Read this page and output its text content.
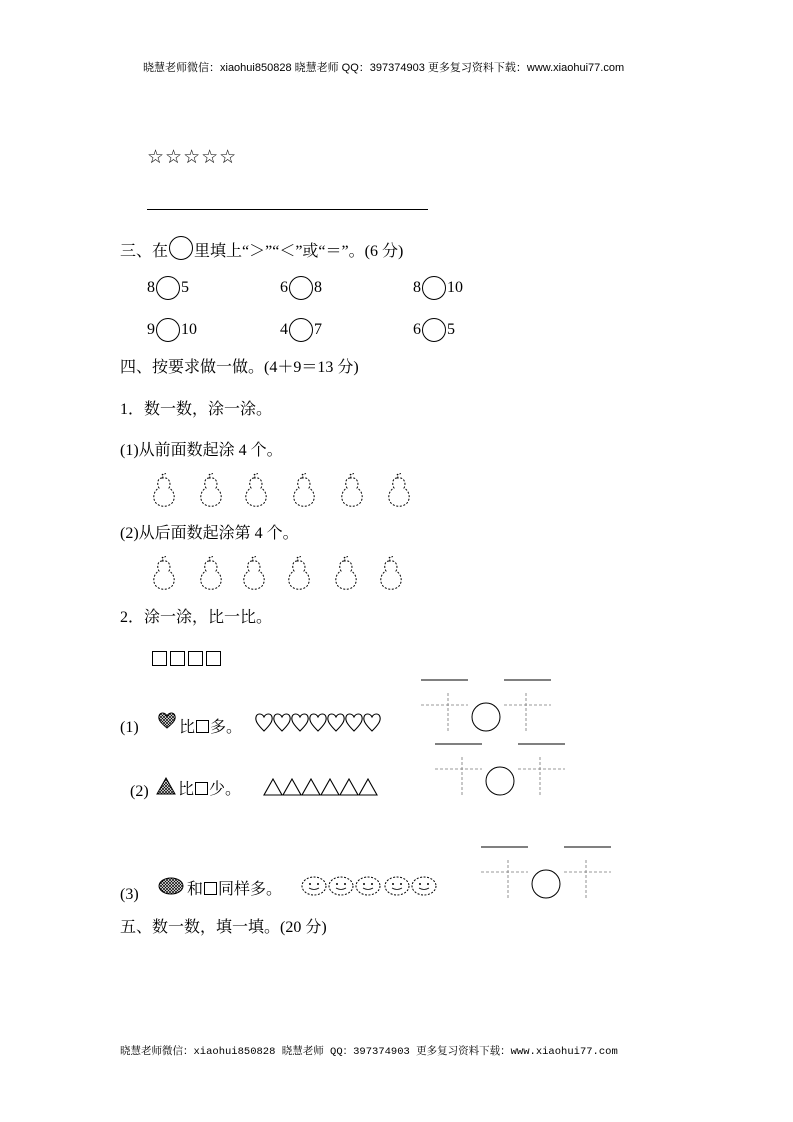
晓慧老师微信：xiaohui850828 晓慧老师 QQ：397374903 更多复习资料下载：www.xiaohui77.com
☆☆☆☆☆
三、在 里填上“＞”“＜”或“＝”。(6 分)
8 5	6 8	8 10
9 10	4 7	6 5
四、按要求做一做。(4＋9＝13 分)
1．数一数，涂一涂。
(1)从前面数起涂 4 个。
(2)从后面数起涂第 4 个。
2．涂一涂，比一比。
(1)	比 多。
(2) 比 少。
(3)	和 同样多。
五、数一数，填一填。(20 分)
晓慧老师微信：xiaohui850828 晓慧老师 QQ：397374903 更多复习资料下载：www.xiaohui77.com
